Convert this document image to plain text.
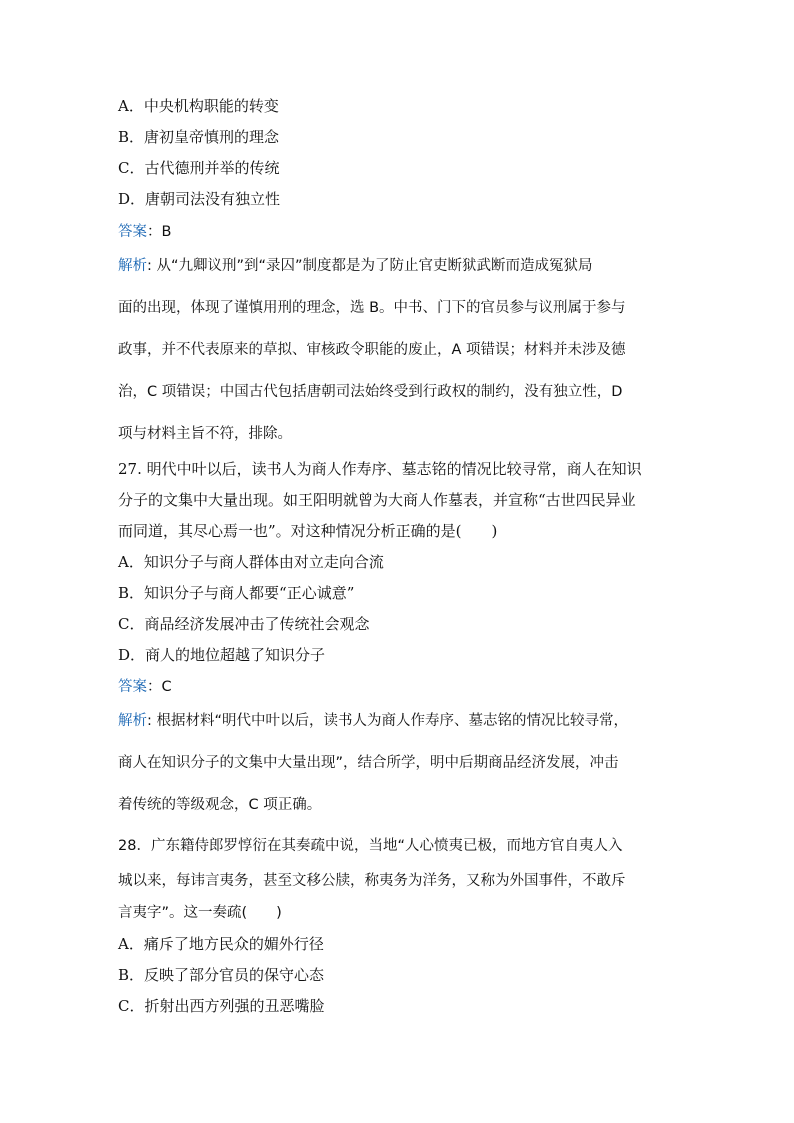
A．中央机构职能的转变
B．唐初皇帝慎刑的理念
C．古代德刑并举的传统
D．唐朝司法没有独立性
答案：B
解析: 从“九卿议刑”到“录囚”制度都是为了防止官吏断狱武断而造成冤狱局
面的出现，体现了谨慎用刑的理念，选 B。中书、门下的官员参与议刑属于参与
政事，并不代表原来的草拟、审核政令职能的废止，A 项错误；材料并未涉及德
治，C 项错误；中国古代包括唐朝司法始终受到行政权的制约，没有独立性，D
项与材料主旨不符，排除。
27. 明代中叶以后，读书人为商人作寿序、墓志铭的情况比较寻常，商人在知识
分子的文集中大量出现。如王阳明就曾为大商人作墓表，并宣称“古世四民异业
而同道，其尽心焉一也”。对这种情况分析正确的是(　　)
A．知识分子与商人群体由对立走向合流
B．知识分子与商人都要“正心诚意”
C．商品经济发展冲击了传统社会观念
D．商人的地位超越了知识分子
答案：C
解析: 根据材料“明代中叶以后，读书人为商人作寿序、墓志铭的情况比较寻常，
商人在知识分子的文集中大量出现”，结合所学，明中后期商品经济发展，冲击
着传统的等级观念，C 项正确。
28．广东籍侍郎罗惇衍在其奏疏中说，当地“人心愤夷已极，而地方官自夷人入
城以来，每讳言夷务，甚至文移公牍，称夷务为洋务，又称为外国事件，不敢斥
言夷字”。这一奏疏(　　)
A．痛斥了地方民众的媚外行径
B．反映了部分官员的保守心态
C．折射出西方列强的丑恶嘴脸
